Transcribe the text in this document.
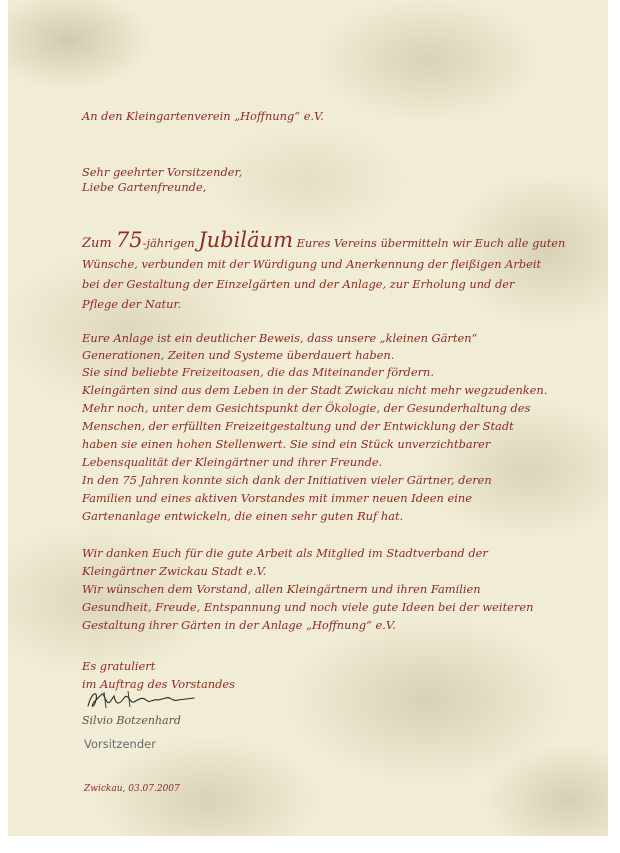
An den Kleingartenverein „Hoffnung“ e.V.

Sehr geehrter Vorsitzender,

Liebe Gartenfreunde,

Zum 75-jährigen Jubiläum Eures Vereins übermitteln wir Euch alle guten

Wünsche, verbunden mit der Würdigung und Anerkennung der fleißigen Arbeit

bei der Gestaltung der Einzelgärten und der Anlage, zur Erholung und der

Pflege der Natur.

Eure Anlage ist ein deutlicher Beweis, dass unsere „kleinen Gärten“

Generationen, Zeiten und Systeme überdauert haben.

Sie sind beliebte Freizeitoasen, die das Miteinander fördern.

Kleingärten sind aus dem Leben in der Stadt Zwickau nicht mehr wegzudenken.

Mehr noch, unter dem Gesichtspunkt der Ökologie, der Gesunderhaltung des

Menschen, der erfüllten Freizeitgestaltung und der Entwicklung der Stadt

haben sie einen hohen Stellenwert. Sie sind ein Stück unverzichtbarer

Lebensqualität der Kleingärtner und ihrer Freunde.

In den 75 Jahren konnte sich dank der Initiativen vieler Gärtner, deren

Familien und eines aktiven Vorstandes mit immer neuen Ideen eine

Gartenanlage entwickeln, die einen sehr guten Ruf hat.

Wir danken Euch für die gute Arbeit als Mitglied im Stadtverband der

Kleingärtner Zwickau Stadt e.V.

Wir wünschen dem Vorstand, allen Kleingärtnern und ihren Familien

Gesundheit, Freude, Entspannung und noch viele gute Ideen bei der weiteren

Gestaltung ihrer Gärten in der Anlage „Hoffnung“ e.V.

Es gratuliert

im Auftrag des Vorstandes

Silvio Botzenhard

Vorsitzender

Zwickau, 03.07.2007
